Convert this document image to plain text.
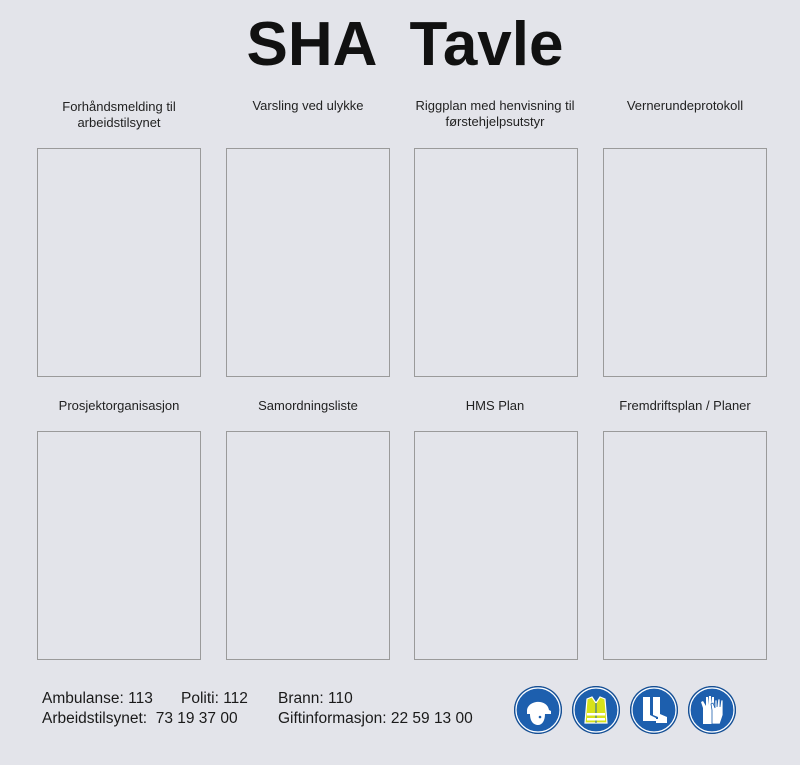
SHA  Tavle
Forhåndsmelding til arbeidstilsynet
Varsling ved ulykke	Riggplan med henvisning til førstehjelpsutstyr
Vernerundeprotokoll
Prosjektorganisasjon	Samordningsliste	HMS Plan	Fremdriftsplan / Planer
Ambulanse: 113 Politi: 112 Brann: 110
Arbeidstilsynet:  73 19 37 00	Giftinformasjon: 22 59 13 00
